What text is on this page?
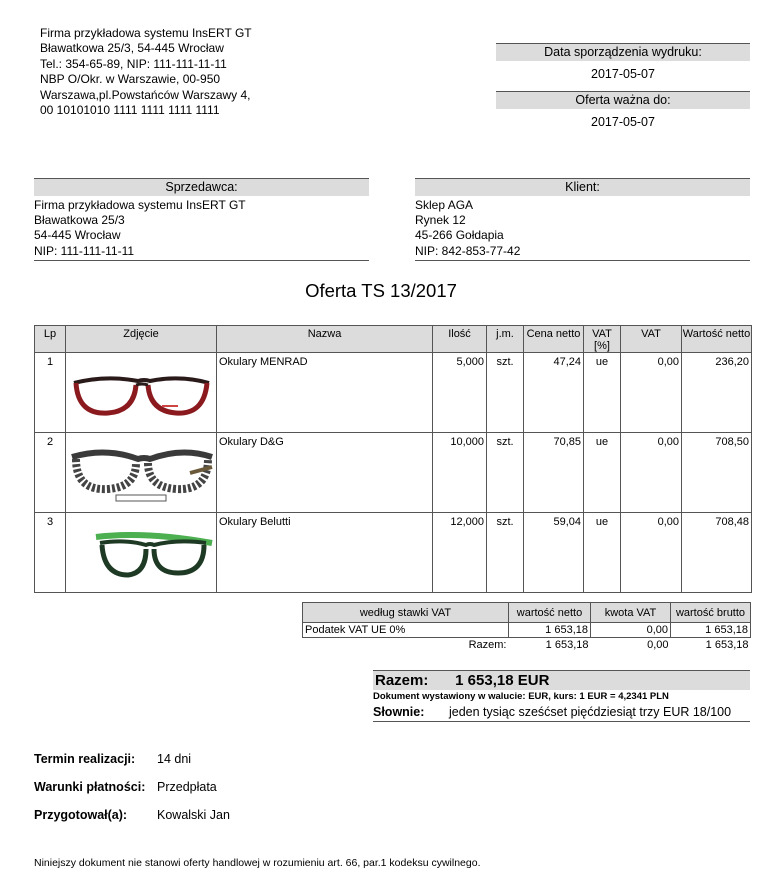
Firma przykładowa systemu InsERT GT
Bławatkowa 25/3, 54-445 Wrocław
Tel.: 354-65-89, NIP: 111-111-11-11
NBP O/Okr. w Warszawie, 00-950
Warszawa,pl.Powstańców Warszawy 4,
00 10101010 1111 1111 1111 1111
Data sporządzenia wydruku:
2017-05-07
Oferta ważna do:
2017-05-07
Sprzedawca:
Firma przykładowa systemu InsERT GT
Bławatkowa 25/3
54-445 Wrocław
NIP: 111-111-11-11
Klient:
Sklep AGA
Rynek 12
45-266 Gołdapia
NIP: 842-853-77-42
Oferta TS 13/2017
Lp	Zdjęcie	Nazwa	Ilość	j.m.	Cena netto	VAT [%]	VAT	Wartość netto
1		Okulary MENRAD	5,000	szt.	47,24	ue	0,00	236,20
2		Okulary D&G	10,000	szt.	70,85	ue	0,00	708,50
3		Okulary Belutti	12,000	szt.	59,04	ue	0,00	708,48
według stawki VAT	wartość netto	kwota VAT	wartość brutto
Podatek VAT UE 0%	1 653,18	0,00	1 653,18
Razem:	1 653,18	0,00	1 653,18
Razem: 1 653,18 EUR
Dokument wystawiony w walucie: EUR, kurs: 1 EUR = 4,2341 PLN
Słownie:	jeden tysiąc sześćset pięćdziesiąt trzy EUR 18/100
Termin realizacji:	14 dni
Warunki płatności: Przedpłata
Przygotował(a):	Kowalski Jan
Niniejszy dokument nie stanowi oferty handlowej w rozumieniu art. 66, par.1 kodeksu cywilnego.
